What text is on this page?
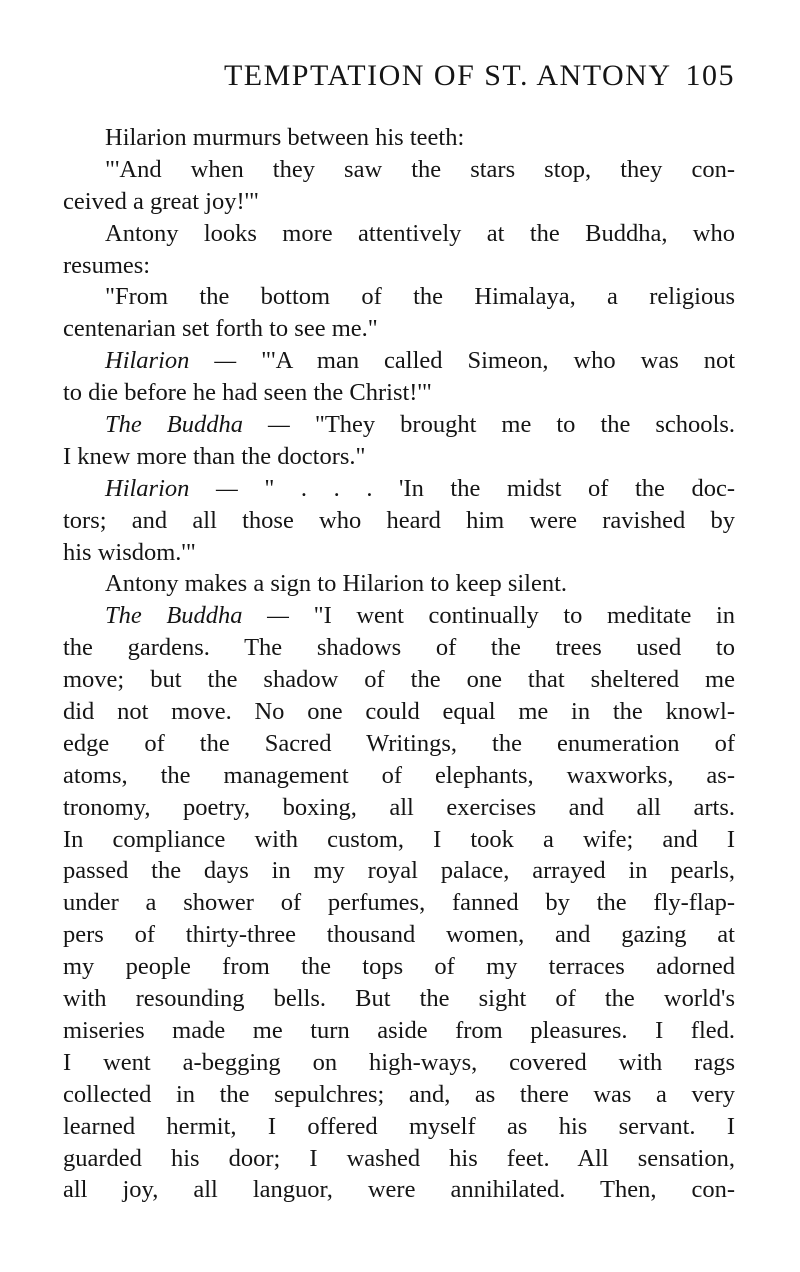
TEMPTATION OF ST. ANTONY 105
Hilarion murmurs between his teeth:
"'And when they saw the stars stop, they con-
ceived a great joy!'"
Antony looks more attentively at the Buddha, who
resumes:
"From the bottom of the Himalaya, a religious
centenarian set forth to see me."
Hilarion — "'A man called Simeon, who was not
to die before he had seen the Christ!'"
The Buddha — "They brought me to the schools.
I knew more than the doctors."
Hilarion — " . . . 'In the midst of the doc-
tors; and all those who heard him were ravished by
his wisdom.'"
Antony makes a sign to Hilarion to keep silent.
The Buddha — "I went continually to meditate in
the gardens. The shadows of the trees used to
move; but the shadow of the one that sheltered me
did not move. No one could equal me in the knowl-
edge of the Sacred Writings, the enumeration of
atoms, the management of elephants, waxworks, as-
tronomy, poetry, boxing, all exercises and all arts.
In compliance with custom, I took a wife; and I
passed the days in my royal palace, arrayed in pearls,
under a shower of perfumes, fanned by the fly-flap-
pers of thirty-three thousand women, and gazing at
my people from the tops of my terraces adorned
with resounding bells. But the sight of the world's
miseries made me turn aside from pleasures. I fled.
I went a-begging on high-ways, covered with rags
collected in the sepulchres; and, as there was a very
learned hermit, I offered myself as his servant. I
guarded his door; I washed his feet. All sensation,
all joy, all languor, were annihilated. Then, con-
